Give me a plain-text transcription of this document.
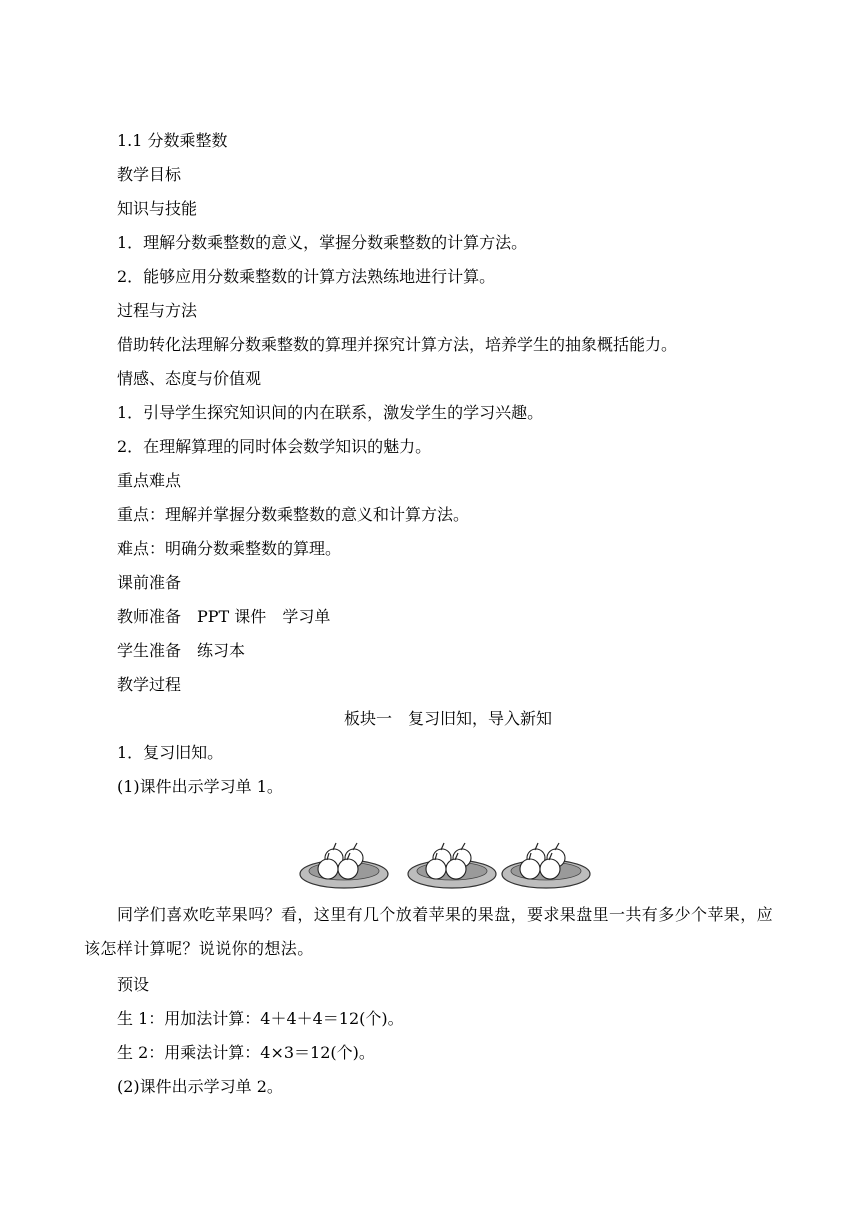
1.1 分数乘整数
教学目标
知识与技能
1．理解分数乘整数的意义，掌握分数乘整数的计算方法。
2．能够应用分数乘整数的计算方法熟练地进行计算。
过程与方法
借助转化法理解分数乘整数的算理并探究计算方法，培养学生的抽象概括能力。
情感、态度与价值观
1．引导学生探究知识间的内在联系，激发学生的学习兴趣。
2．在理解算理的同时体会数学知识的魅力。
重点难点
重点：理解并掌握分数乘整数的意义和计算方法。
难点：明确分数乘整数的算理。
课前准备
教师准备 PPT 课件 学习单
学生准备 练习本
教学过程
板块一　复习旧知，导入新知
1．复习旧知。
(1)课件出示学习单 1。
同学们喜欢吃苹果吗？看，这里有几个放着苹果的果盘，要求果盘里一共有多少个苹果，应该怎样计算呢？说说你的想法。
预设
生 1：用加法计算：4＋4＋4＝12(个)。
生 2：用乘法计算：4×3＝12(个)。
(2)课件出示学习单 2。
